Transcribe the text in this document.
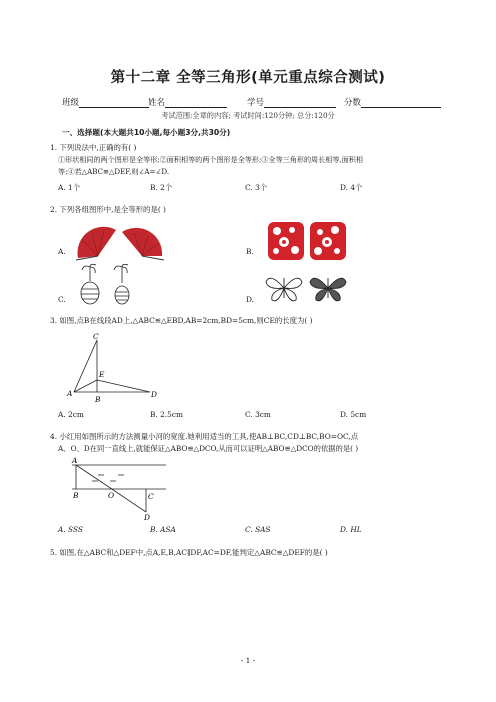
第十二章 全等三角形(单元重点综合测试)
班级	姓名	学号	分数
考试范围:全章的内容; 考试时间:120分钟; 总分:120分
一、选择题(本大题共10小题,每小题3分,共30分)
1. 下列说法中,正确的有( )
①形状相同的两个图形是全等形;②面积相等的两个图形是全等形;③全等三角形的周长相等,面积相
等;④若△ABC≌△DEF,则∠A=∠D.
A. 1个	B. 2个	C. 3个	D. 4个
2. 下列各组图形中,是全等形的是( )
A.	B.
C.	D.
3. 如图,点B在线段AD上,△ABC≌△EBD,AB=2cm,BD=5cm,则CE的长度为( )
C
E
A
B
D
A. 2cm	B. 2.5cm	C. 3cm	D. 5cm
4. 小红用如图所示的方法测量小河的宽度.她利用适当的工具,使AB⊥BC,CD⊥BC,BO=OC,点
A、O、D在同一直线上,就能保证△ABO≌△DCO,从而可以证明△ABO≌△DCO的依据的是( )
A
B	O	C
D
A. SSS	B. ASA	C. SAS	D. HL
5. 如图,在△ABC和△DEF中,点A,E,B,AC∥DF,AC=DF,能判定△ABC≌△DEF的是( )
- 1 -
